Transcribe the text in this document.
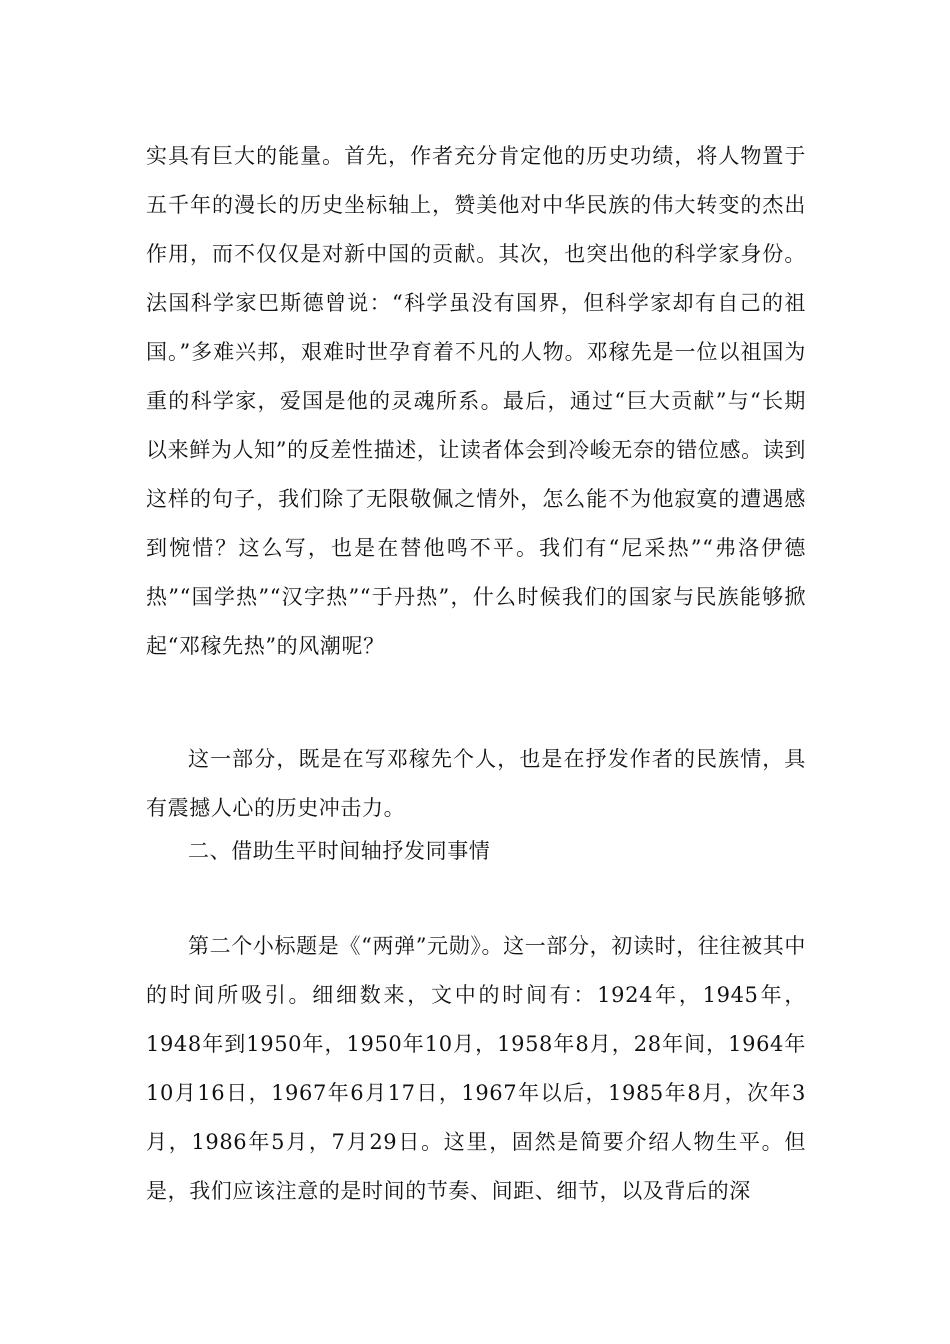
实具有巨大的能量。首先，作者充分肯定他的历史功绩，将人物置于五千年的漫长的历史坐标轴上，赞美他对中华民族的伟大转变的杰出作用，而不仅仅是对新中国的贡献。其次，也突出他的科学家身份。法国科学家巴斯德曾说：“科学虽没有国界，但科学家却有自己的祖国。”多难兴邦，艰难时世孕育着不凡的人物。邓稼先是一位以祖国为重的科学家，爱国是他的灵魂所系。最后，通过“巨大贡献”与“长期以来鲜为人知”的反差性描述，让读者体会到冷峻无奈的错位感。读到这样的句子，我们除了无限敬佩之情外，怎么能不为他寂寞的遭遇感到惋惜？这么写，也是在替他鸣不平。我们有“尼采热”“弗洛伊德热”“国学热”“汉字热”“于丹热”，什么时候我们的国家与民族能够掀起“邓稼先热”的风潮呢？

这一部分，既是在写邓稼先个人，也是在抒发作者的民族情，具有震撼人心的历史冲击力。

二、借助生平时间轴抒发同事情

第二个小标题是《“两弹”元勋》。这一部分，初读时，往往被其中的时间所吸引。细细数来，文中的时间有：1924年，1945年，1948年到1950年，1950年10月，1958年8月，28年间，1964年10月16日，1967年6月17日，1967年以后，1985年8月，次年3月，1986年5月，7月29日。这里，固然是简要介绍人物生平。但是，我们应该注意的是时间的节奏、间距、细节，以及背后的深
